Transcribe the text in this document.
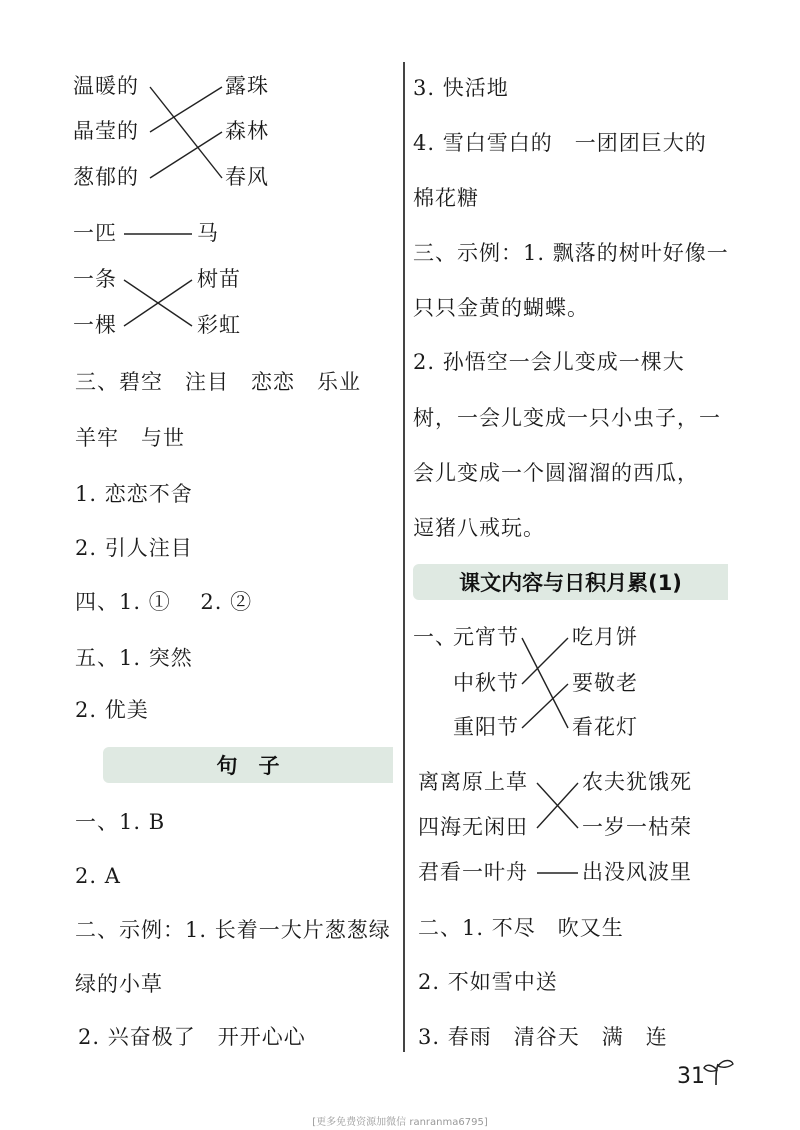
温暖的
晶莹的
葱郁的
露珠
森林
春风
一匹
一条
一棵
马
树苗
彩虹
三、碧空　注目　恋恋　乐业
羊牢　与世
1. 恋恋不舍
2. 引人注目
四、1. ①　 2. ②
五、1. 突然
2. 优美
句　子
一、1. B
2. A
二、示例：1. 长着一大片葱葱绿
绿的小草
2. 兴奋极了　开开心心
3. 快活地
4. 雪白雪白的　一团团巨大的
棉花糖
三、示例：1. 飘落的树叶好像一
只只金黄的蝴蝶。
2. 孙悟空一会儿变成一棵大
树，一会儿变成一只小虫子，一
会儿变成一个圆溜溜的西瓜，
逗猪八戒玩。
课文内容与日积月累(1)
一、
元宵节
中秋节
重阳节
吃月饼
要敬老
看花灯
离离原上草
四海无闲田
君看一叶舟
农夫犹饿死
一岁一枯荣
出没风波里
二、1. 不尽　吹又生
2. 不如雪中送
3. 春雨　清谷天　满　连
31
[更多免费资源加微信 ranranma6795]
